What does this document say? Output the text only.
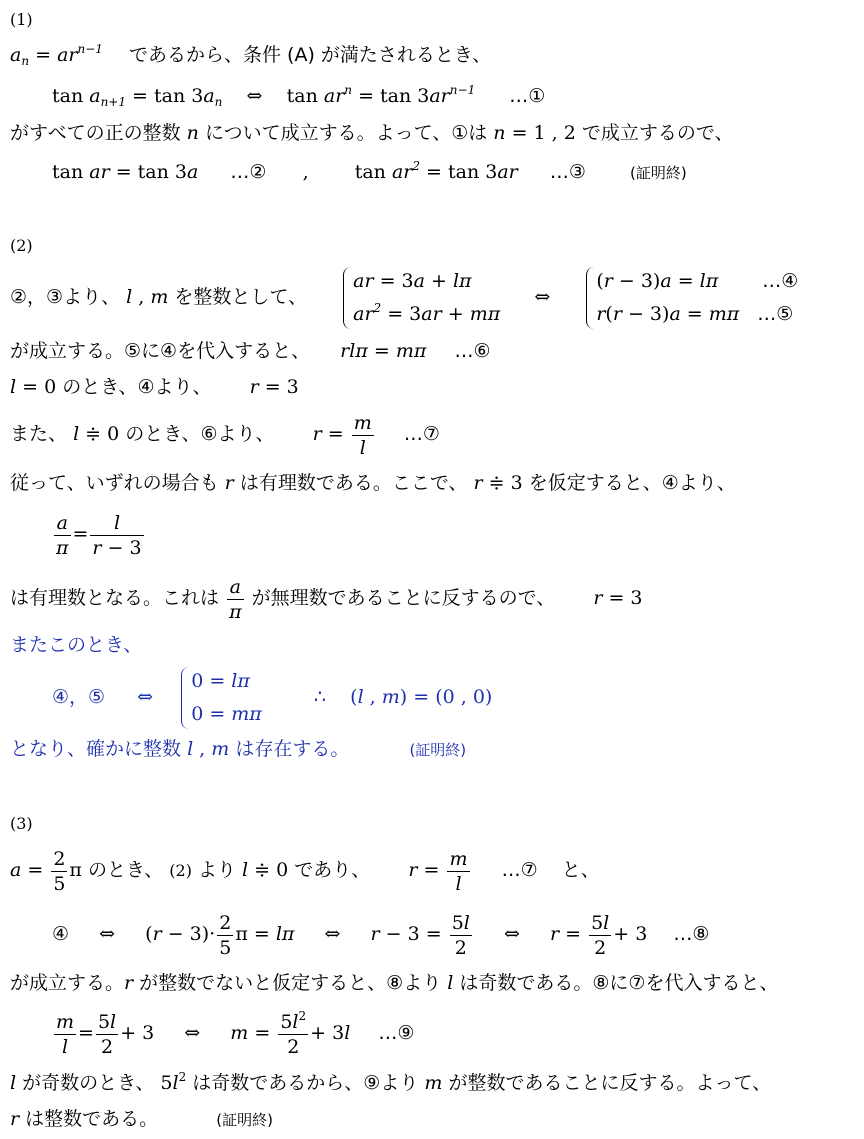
(1)
$a_n = ar^{n-1}$ であるから、条件 (A) が満たされるとき、
$\tan a_{n+1} = \tan 3a_n$    ⇔    $\tan ar^n = \tan 3ar^{n-1}$ …①
がすべての正の整数 n について成立する。よって、①は n = 1 , 2 で成立するので、
tan ar = tan 3a …② , $\tan ar^2 = \tan 3ar$ …③	(証明終)
(2)
②，③より、 l , m を整数として、
ar = 3a + lπ
$ar^2 = 3ar + m\pi$
⇔
(r − 3)a = lπ …④
r(r − 3)a = mπ …⑤
が成立する。⑤に④を代入すると、 rlπ = mπ …⑥
l = 0 のとき、④より、 r = 3
また、 l ≑ 0 のとき、⑥より、 $r = \frac{m}{l}$ …⑦
従って、いずれの場合も r は有理数である。ここで、 r ≑ 3 を仮定すると、④より、
$\frac{a}{\pi} = \frac{l}{r - 3}$
は有理数となる。これは $\frac{a}{\pi}$ が無理数であることに反するので、 r = 3
またこのとき、
④，⑤ ⇔
0 = lπ
0 = mπ
∴    (l , m) = (0 , 0)
となり、確かに整数 l , m は存在する。	(証明終)
(3)
$a = \frac{2}{5}$ π のとき、 (2) より l ≑ 0 であり、 $r = \frac{m}{l}$ …⑦ と、
④ ⇔ $(r - 3)\cdot \frac{2}{5}$ π = lπ ⇔ $r - 3 = \frac{5l}{2}$ ⇔ $r = \frac{5l}{2} + 3$ …⑧
が成立する。r が整数でないと仮定すると、⑧より l は奇数である。⑧に⑦を代入すると、
$\frac{m}{l} = \frac{5l}{2} + 3$ ⇔ $m = \frac{5l^2}{2} + 3l$ …⑨
l が奇数のとき、 $5l^2$ は奇数であるから、⑨より m が整数であることに反する。よって、
r は整数である。	(証明終)
